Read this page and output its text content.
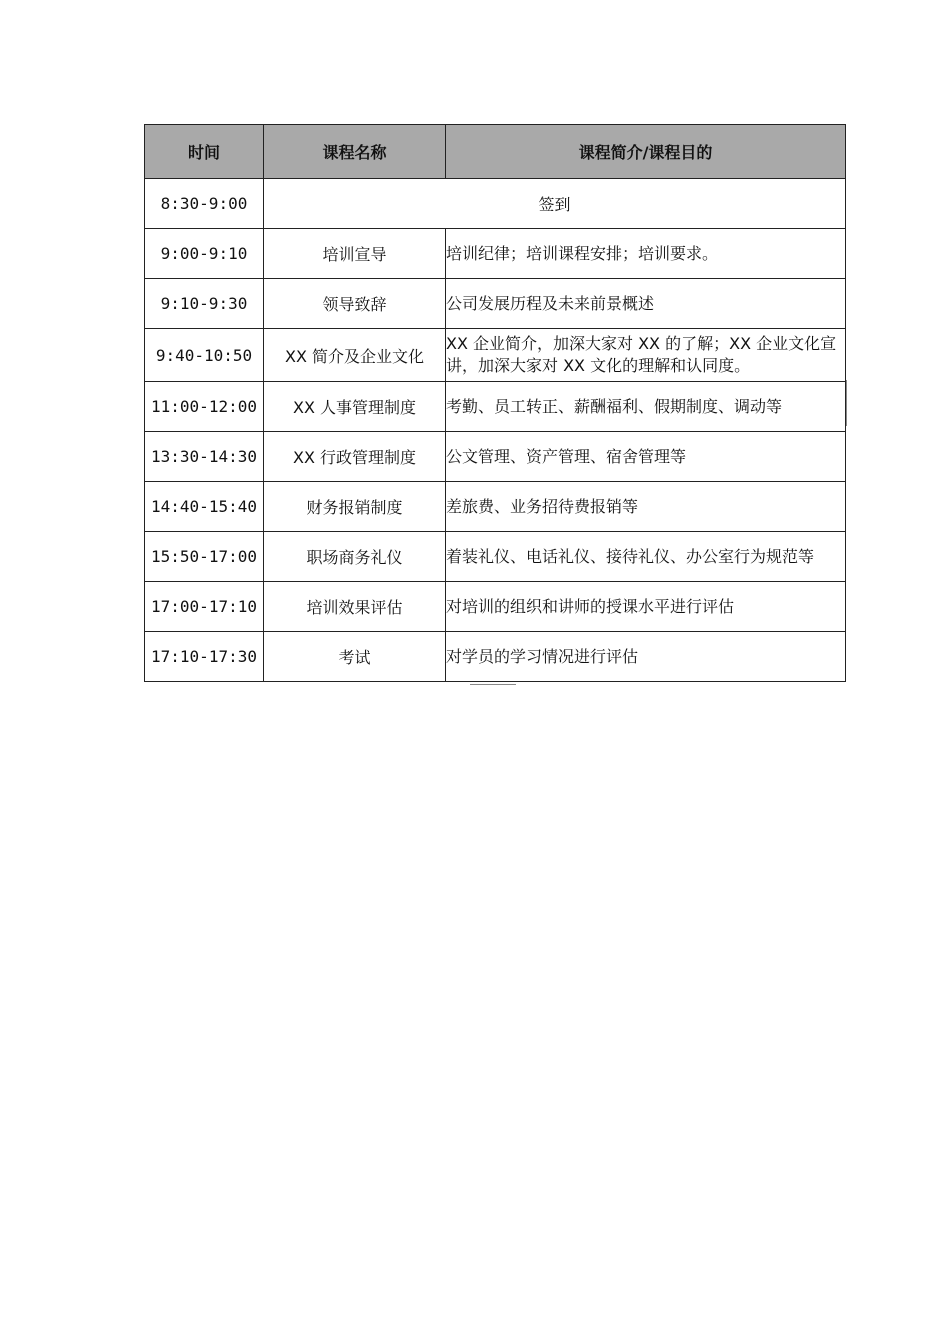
时间	课程名称	课程简介/课程目的
8:30-9:00	签到	
9:00-9:10	培训宣导	培训纪律；培训课程安排；培训要求。
9:10-9:30	领导致辞	公司发展历程及未来前景概述
9:40-10:50	XX 简介及企业文化	XX 企业简介，加深大家对 XX 的了解；XX 企业文化宣讲，加深大家对 XX 文化的理解和认同度。
11:00-12:00	XX 人事管理制度	考勤、员工转正、薪酬福利、假期制度、调动等
13:30-14:30	XX 行政管理制度	公文管理、资产管理、宿舍管理等
14:40-15:40	财务报销制度	差旅费、业务招待费报销等
15:50-17:00	职场商务礼仪	着装礼仪、电话礼仪、接待礼仪、办公室行为规范等
17:00-17:10	培训效果评估	对培训的组织和讲师的授课水平进行评估
17:10-17:30	考试	对学员的学习情况进行评估
